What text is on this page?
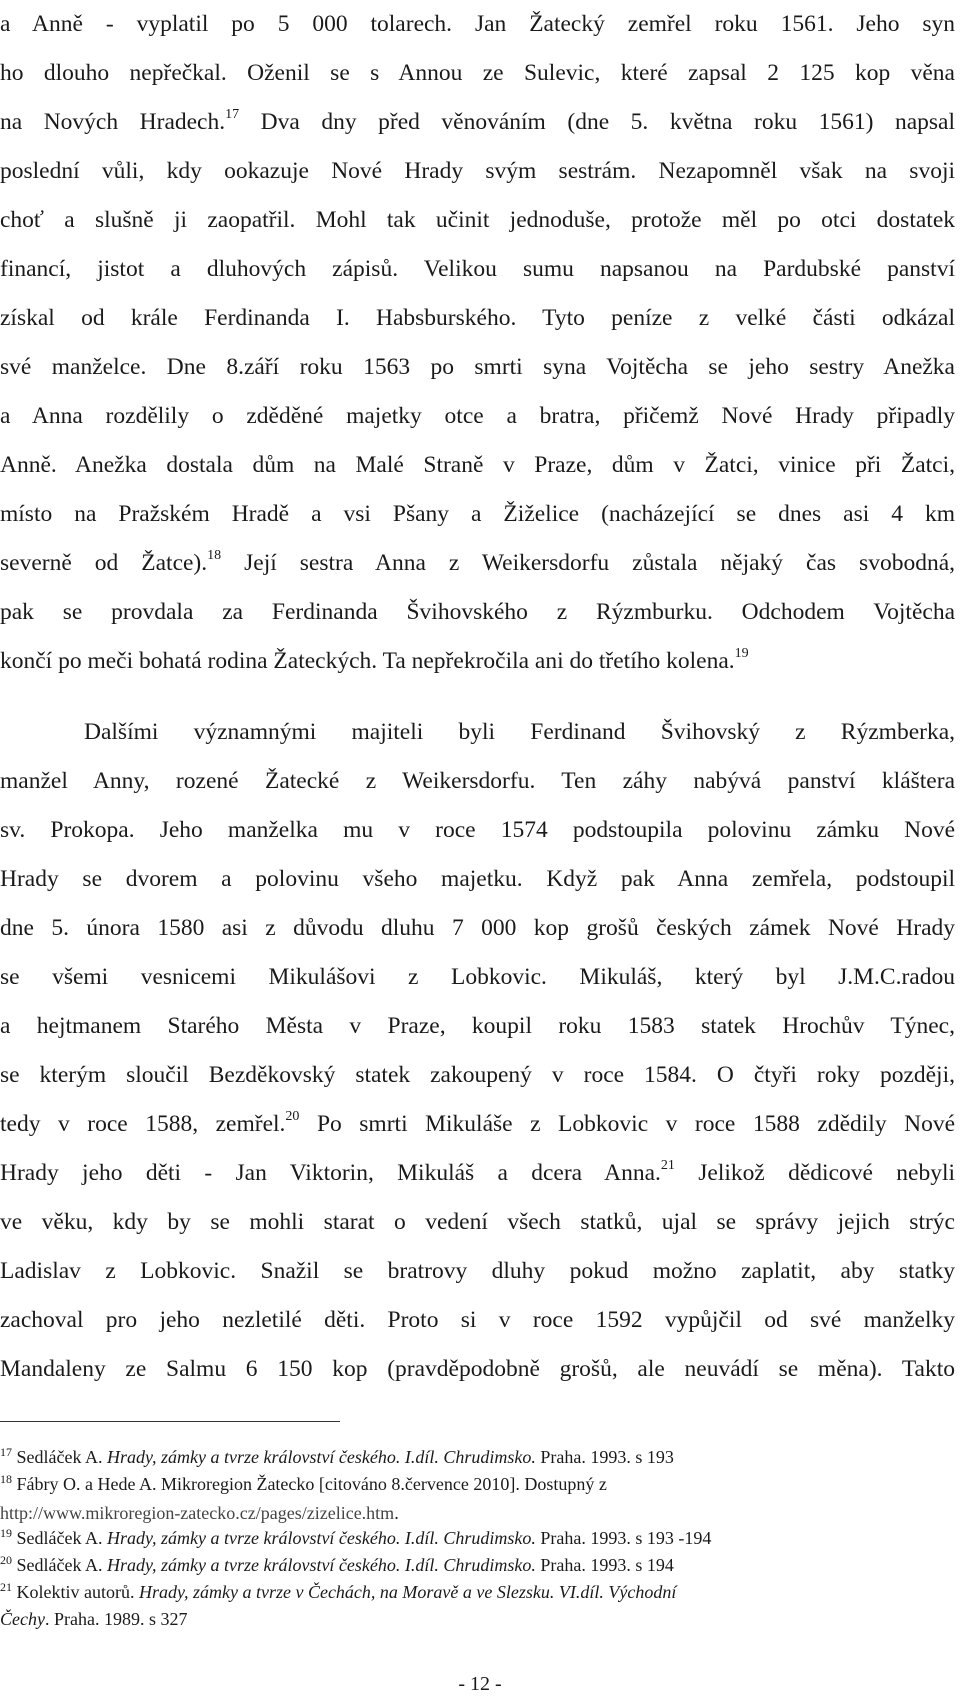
a Anně - vyplatil po 5 000 tolarech. Jan Žatecký zemřel roku 1561. Jeho syn
ho dlouho nepřečkal. Oženil se s Annou ze Sulevic, které zapsal 2 125 kop věna
na Nových Hradech.$^{17}$ Dva dny před věnováním (dne 5. května roku 1561) napsal
poslední vůli, kdy ookazuje Nové Hrady svým sestrám. Nezapomněl však na svoji
choť a slušně ji zaopatřil. Mohl tak učinit jednoduše, protože měl po otci dostatek
financí, jistot a dluhových zápisů. Velikou sumu napsanou na Pardubské panství
získal od krále Ferdinanda I. Habsburského. Tyto peníze z velké části odkázal
své manželce. Dne 8.září roku 1563 po smrti syna Vojtěcha se jeho sestry Anežka
a Anna rozdělily o zděděné majetky otce a bratra, přičemž Nové Hrady připadly
Anně. Anežka dostala dům na Malé Straně v Praze, dům v Žatci, vinice při Žatci,
místo na Pražském Hradě a vsi Pšany a Žiželice (nacházející se dnes asi 4 km
severně od Žatce).$^{18}$ Její sestra Anna z Weikersdorfu zůstala nějaký čas svobodná,
pak se provdala za Ferdinanda Švihovského z Rýzmburku. Odchodem Vojtěcha
končí po meči bohatá rodina Žateckých. Ta nepřekročila ani do třetího kolena.$^{19}$
Dalšími významnými majiteli byli Ferdinand Švihovský z Rýzmberka,
manžel Anny, rozené Žatecké z Weikersdorfu. Ten záhy nabývá panství kláštera
sv. Prokopa. Jeho manželka mu v roce 1574 podstoupila polovinu zámku Nové
Hrady se dvorem a polovinu všeho majetku. Když pak Anna zemřela, podstoupil
dne 5. února 1580 asi z důvodu dluhu 7 000 kop grošů českých zámek Nové Hrady
se všemi vesnicemi Mikulášovi z Lobkovic. Mikuláš, který byl J.M.C.radou
a hejtmanem Starého Města v Praze, koupil roku 1583 statek Hrochův Týnec,
se kterým sloučil Bezděkovský statek zakoupený v roce 1584. O čtyři roky později,
tedy v roce 1588, zemřel.$^{20}$ Po smrti Mikuláše z Lobkovic v roce 1588 zdědily Nové
Hrady jeho děti - Jan Viktorin, Mikuláš a dcera Anna.$^{21}$ Jelikož dědicové nebyli
ve věku, kdy by se mohli starat o vedení všech statků, ujal se správy jejich strýc
Ladislav z Lobkovic. Snažil se bratrovy dluhy pokud možno zaplatit, aby statky
zachoval pro jeho nezletilé děti. Proto si v roce 1592 vypůjčil od své manželky
Mandaleny ze Salmu 6 150 kop (pravděpodobně grošů, ale neuvádí se měna). Takto
$^{17}$ Sedláček A. Hrady, zámky a tvrze království českého. I.díl. Chrudimsko. Praha. 1993. s 193
$^{18}$ Fábry O. a Hede A. Mikroregion Žatecko [citováno 8.července 2010]. Dostupný z
http://www.mikroregion-zatecko.cz/pages/zizelice.htm.
$^{19}$ Sedláček A. Hrady, zámky a tvrze království českého. I.díl. Chrudimsko. Praha. 1993. s 193 -194
$^{20}$ Sedláček A. Hrady, zámky a tvrze království českého. I.díl. Chrudimsko. Praha. 1993. s 194
$^{21}$ Kolektiv autorů. Hrady, zámky a tvrze v Čechách, na Moravě a ve Slezsku. VI.díl. Východní
Čechy. Praha. 1989. s 327
- 12 -
